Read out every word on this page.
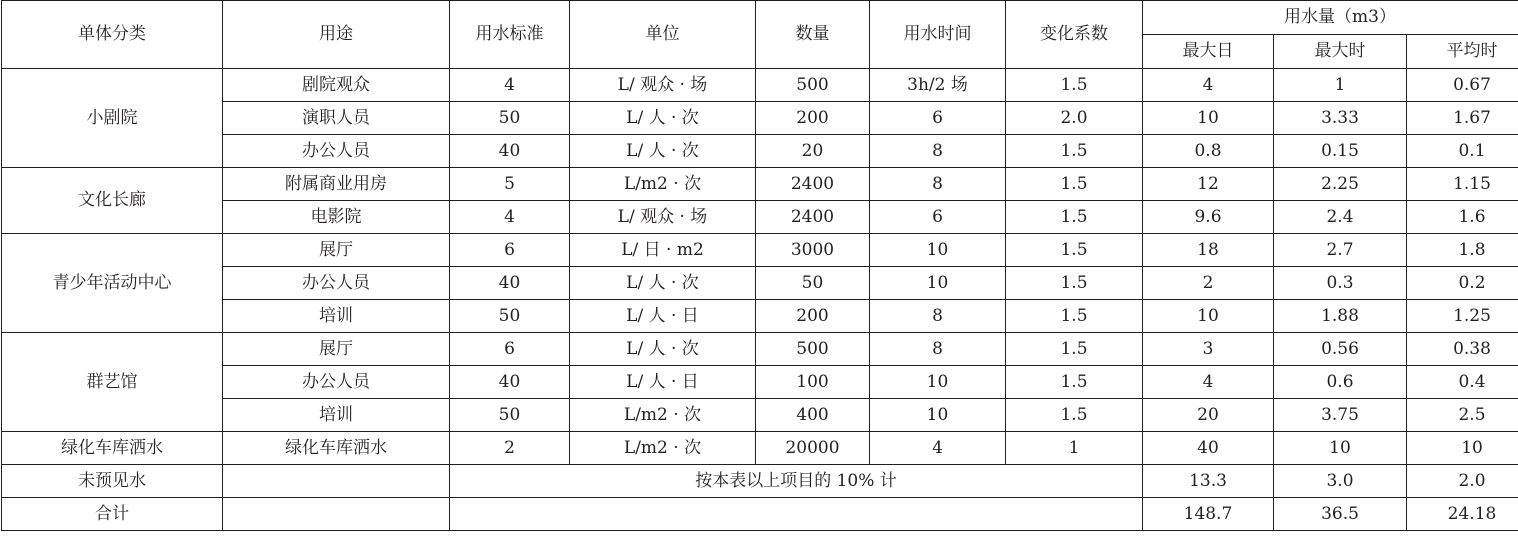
单体分类	用途	用水标准	单位	数量	用水时间	变化系数	用水量（m3）		
							最大日	最大时	平均时
小剧院	剧院观众	4	L/ 观众 · 场	500	3h/2 场	1.5	4	1	0.67
	演职人员	50	L/ 人 · 次	200	6	2.0	10	3.33	1.67
	办公人员	40	L/ 人 · 次	20	8	1.5	0.8	0.15	0.1
文化长廊	附属商业用房	5	L/m2 · 次	2400	8	1.5	12	2.25	1.15
	电影院	4	L/ 观众 · 场	2400	6	1.5	9.6	2.4	1.6
青少年活动中心	展厅	6	L/ 日 · m2	3000	10	1.5	18	2.7	1.8
	办公人员	40	L/ 人 · 次	50	10	1.5	2	0.3	0.2
	培训	50	L/ 人 · 日	200	8	1.5	10	1.88	1.25
群艺馆	展厅	6	L/ 人 · 次	500	8	1.5	3	0.56	0.38
	办公人员	40	L/ 人 · 日	100	10	1.5	4	0.6	0.4
	培训	50	L/m2 · 次	400	10	1.5	20	3.75	2.5
绿化车库洒水	绿化车库洒水	2	L/m2 · 次	20000	4	1	40	10	10
未预见水		按本表以上项目的 10% 计					13.3	3.0	2.0
合计							148.7	36.5	24.18
